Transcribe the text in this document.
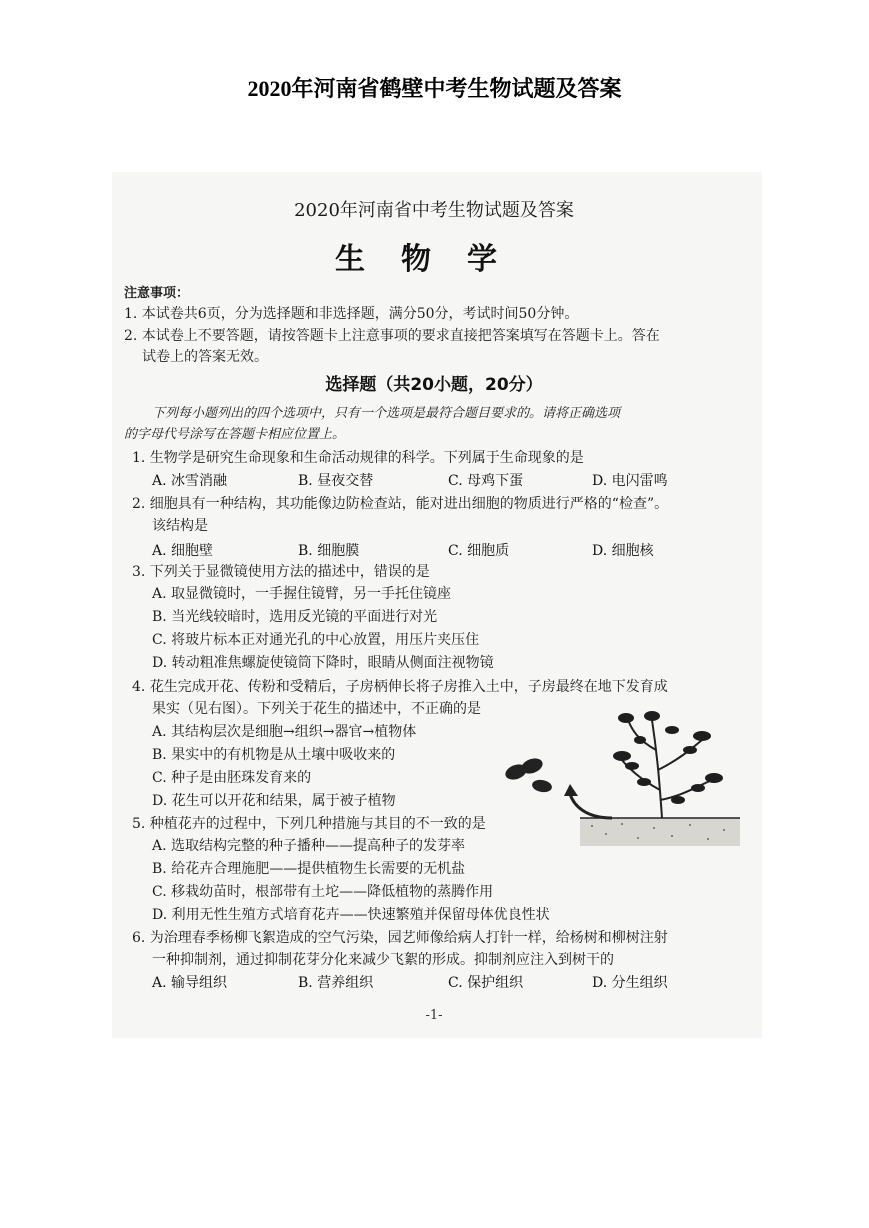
2020年河南省鹤壁中考生物试题及答案
2020年河南省中考生物试题及答案
生物学
注意事项：
1. 本试卷共6页，分为选择题和非选择题，满分50分，考试时间50分钟。
2. 本试卷上不要答题，请按答题卡上注意事项的要求直接把答案填写在答题卡上。答在
试卷上的答案无效。
选择题（共20小题，20分）
下列每小题列出的四个选项中，只有一个选项是最符合题目要求的。请将正确选项
的字母代号涂写在答题卡相应位置上。
1. 生物学是研究生命现象和生命活动规律的科学。下列属于生命现象的是
A. 冰雪消融	B. 昼夜交替	C. 母鸡下蛋	D. 电闪雷鸣
2. 细胞具有一种结构，其功能像边防检查站，能对进出细胞的物质进行严格的“检查”。
该结构是
A. 细胞壁	B. 细胞膜	C. 细胞质	D. 细胞核
3. 下列关于显微镜使用方法的描述中，错误的是
A. 取显微镜时，一手握住镜臂，另一手托住镜座
B. 当光线较暗时，选用反光镜的平面进行对光
C. 将玻片标本正对通光孔的中心放置，用压片夹压住
D. 转动粗准焦螺旋使镜筒下降时，眼睛从侧面注视物镜
4. 花生完成开花、传粉和受精后，子房柄伸长将子房推入土中，子房最终在地下发育成
果实（见右图）。下列关于花生的描述中，不正确的是
A. 其结构层次是细胞→组织→器官→植物体
B. 果实中的有机物是从土壤中吸收来的
C. 种子是由胚珠发育来的
D. 花生可以开花和结果，属于被子植物
5. 种植花卉的过程中，下列几种措施与其目的不一致的是
A. 选取结构完整的种子播种——提高种子的发芽率
B. 给花卉合理施肥——提供植物生长需要的无机盐
C. 移栽幼苗时，根部带有土坨——降低植物的蒸腾作用
D. 利用无性生殖方式培育花卉——快速繁殖并保留母体优良性状
6. 为治理春季杨柳飞絮造成的空气污染，园艺师像给病人打针一样，给杨树和柳树注射
一种抑制剂，通过抑制花芽分化来减少飞絮的形成。抑制剂应注入到树干的
A. 输导组织	B. 营养组织	C. 保护组织	D. 分生组织
-1-
